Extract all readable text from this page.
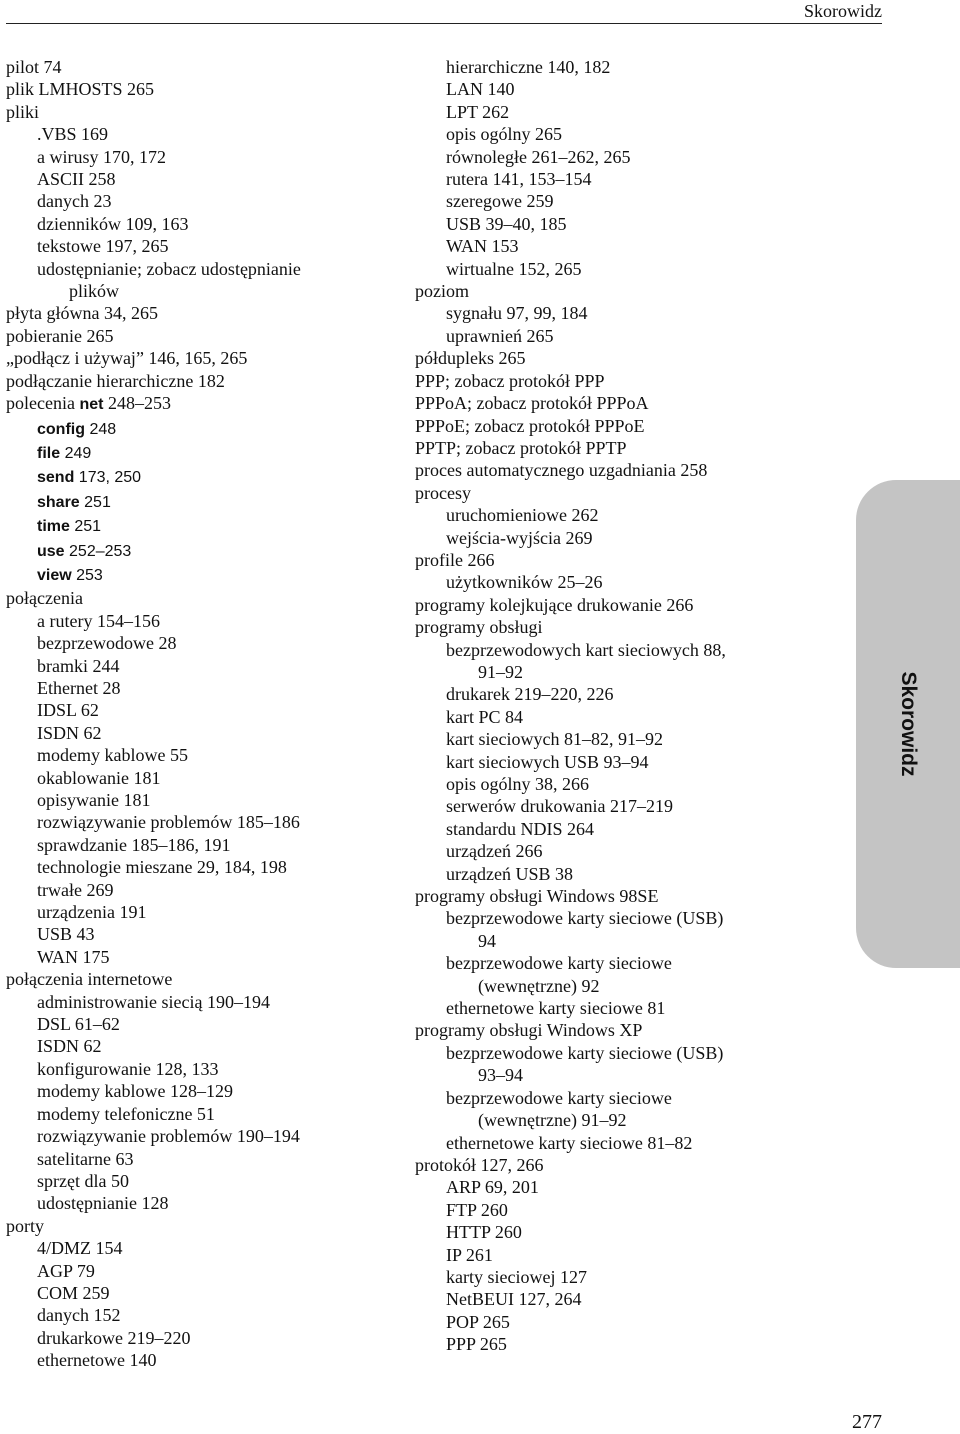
Skorowidz
pilot 74
plik LMHOSTS 265
pliki
.VBS 169
a wirusy 170, 172
ASCII 258
danych 23
dzienników 109, 163
tekstowe 197, 265
udostępnianie; zobacz udostępnianie
plików
płyta główna 34, 265
pobieranie 265
„podłącz i używaj” 146, 165, 265
podłączanie hierarchiczne 182
polecenia net 248–253
config 248
file 249
send 173, 250
share 251
time 251
use 252–253
view 253
połączenia
a rutery 154–156
bezprzewodowe 28
bramki 244
Ethernet 28
IDSL 62
ISDN 62
modemy kablowe 55
okablowanie 181
opisywanie 181
rozwiązywanie problemów 185–186
sprawdzanie 185–186, 191
technologie mieszane 29, 184, 198
trwałe 269
urządzenia 191
USB 43
WAN 175
połączenia internetowe
administrowanie siecią 190–194
DSL 61–62
ISDN 62
konfigurowanie 128, 133
modemy kablowe 128–129
modemy telefoniczne 51
rozwiązywanie problemów 190–194
satelitarne 63
sprzęt dla 50
udostępnianie 128
porty
4/DMZ 154
AGP 79
COM 259
danych 152
drukarkowe 219–220
ethernetowe 140
hierarchiczne 140, 182
LAN 140
LPT 262
opis ogólny 265
równoległe 261–262, 265
rutera 141, 153–154
szeregowe 259
USB 39–40, 185
WAN 153
wirtualne 152, 265
poziom
sygnału 97, 99, 184
uprawnień 265
półdupleks 265
PPP; zobacz protokół PPP
PPPoA; zobacz protokół PPPoA
PPPoE; zobacz protokół PPPoE
PPTP; zobacz protokół PPTP
proces automatycznego uzgadniania 258
procesy
uruchomieniowe 262
wejścia-wyjścia 269
profile 266
użytkowników 25–26
programy kolejkujące drukowanie 266
programy obsługi
bezprzewodowych kart sieciowych 88,
91–92
drukarek 219–220, 226
kart PC 84
kart sieciowych 81–82, 91–92
kart sieciowych USB 93–94
opis ogólny 38, 266
serwerów drukowania 217–219
standardu NDIS 264
urządzeń 266
urządzeń USB 38
programy obsługi Windows 98SE
bezprzewodowe karty sieciowe (USB)
94
bezprzewodowe karty sieciowe
(wewnętrzne) 92
ethernetowe karty sieciowe 81
programy obsługi Windows XP
bezprzewodowe karty sieciowe (USB)
93–94
bezprzewodowe karty sieciowe
(wewnętrzne) 91–92
ethernetowe karty sieciowe 81–82
protokół 127, 266
ARP 69, 201
FTP 260
HTTP 260
IP 261
karty sieciowej 127
NetBEUI 127, 264
POP 265
PPP 265
Skorowidz
277
